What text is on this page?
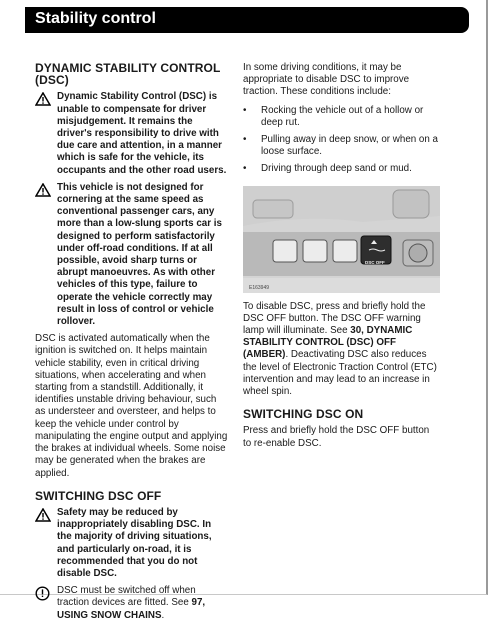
Stability control
DYNAMIC STABILITY CONTROL (DSC)
Dynamic Stability Control (DSC) is unable to compensate for driver misjudgement. It remains the driver's responsibility to drive with due care and attention, in a manner which is safe for the vehicle, its occupants and the other road users.
This vehicle is not designed for cornering at the same speed as conventional passenger cars, any more than a low-slung sports car is designed to perform satisfactorily under off-road conditions. If at all possible, avoid sharp turns or abrupt manoeuvres. As with other vehicles of this type, failure to operate the vehicle correctly may result in loss of control or vehicle rollover.

DSC is activated automatically when the ignition is switched on. It helps maintain vehicle stability, even in critical driving situations, when accelerating and when starting from a standstill. Additionally, it identifies unstable driving behaviour, such as understeer and oversteer, and helps to keep the vehicle under control by manipulating the engine output and applying the brakes at individual wheels. Some noise may be generated when the brakes are applied.

SWITCHING DSC OFF
Safety may be reduced by inappropriately disabling DSC. In the majority of driving situations, and particularly on-road, it is recommended that you do not disable DSC.
DSC must be switched off when traction devices are fitted. See 97, USING SNOW CHAINS.

In some driving conditions, it may be appropriate to disable DSC to improve traction. These conditions include:

•	Rocking the vehicle out of a hollow or deep rut.
•	Pulling away in deep snow, or when on a loose surface.
•	Driving through deep sand or mud.
DSC OFF
E163949

To disable DSC, press and briefly hold the DSC OFF button. The DSC OFF warning lamp will illuminate. See 30, DYNAMIC STABILITY CONTROL (DSC) OFF (AMBER). Deactivating DSC also reduces the level of Electronic Traction Control (ETC) intervention and may lead to an increase in wheel spin.

SWITCHING DSC ON

Press and briefly hold the DSC OFF button to re-enable DSC.
